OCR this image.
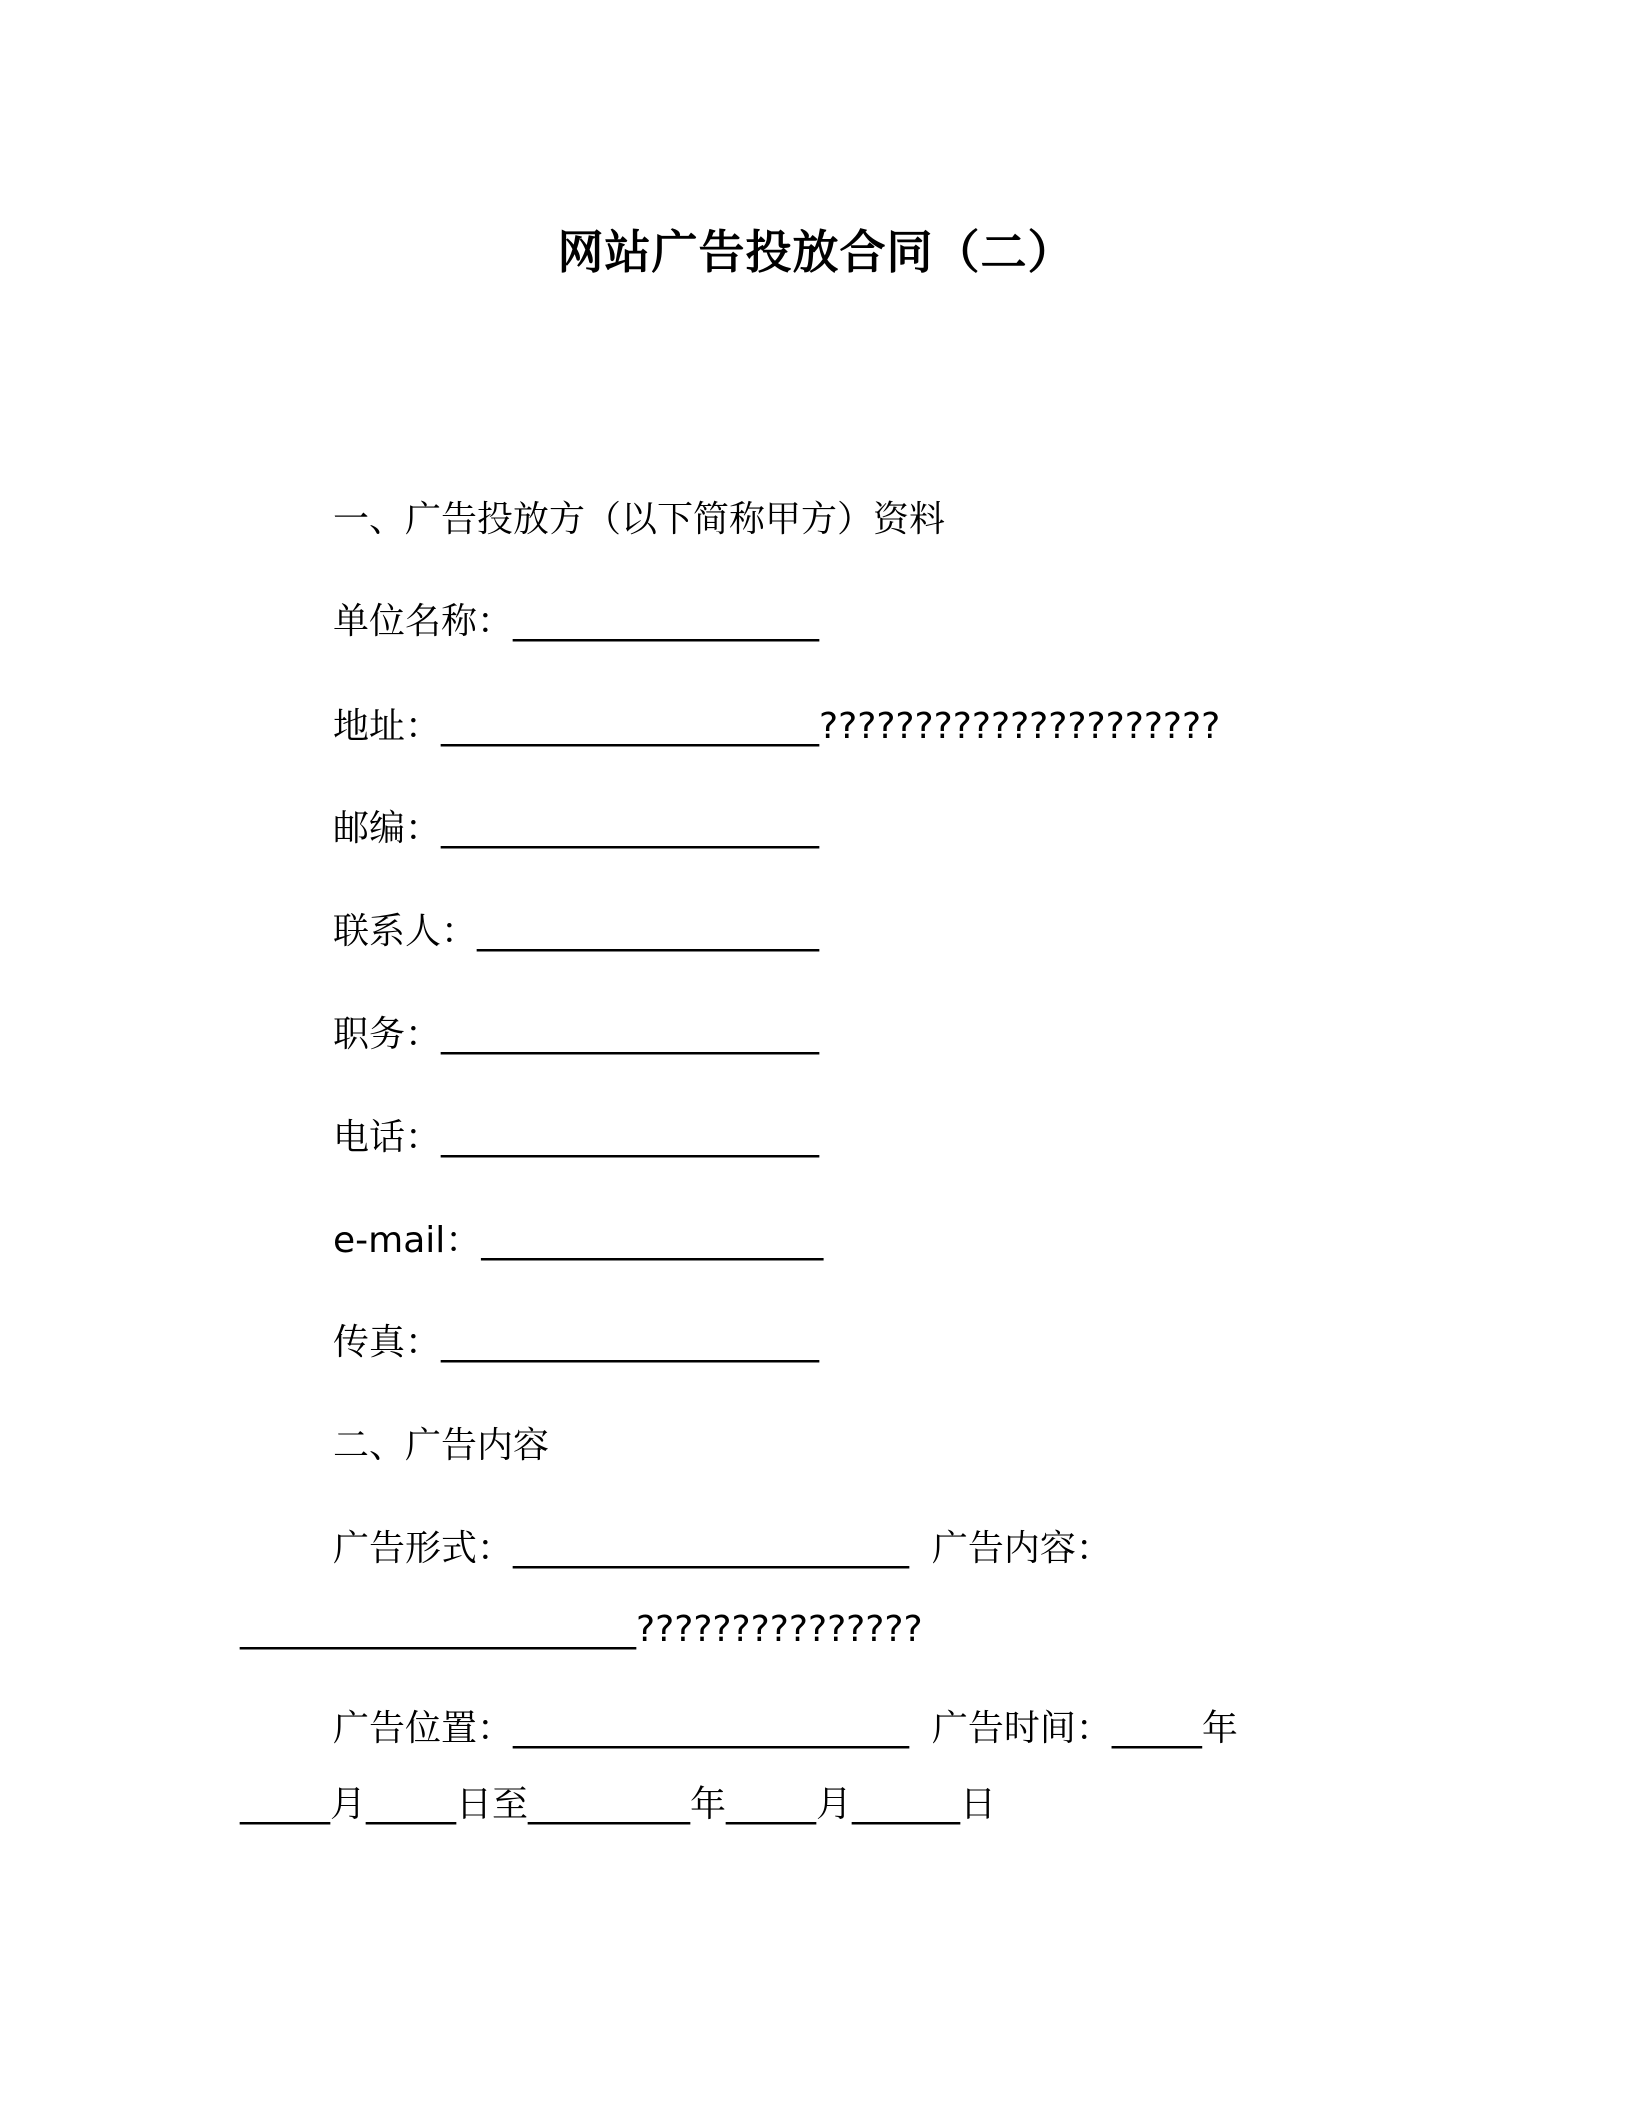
网站广告投放合同（二）
一、广告投放方（以下简称甲方）资料
单位名称：_________________
地址：_____________________?????????????????????
邮编：_____________________
联系人：___________________
职务：_____________________
电话：_____________________
e-mail：___________________
传真：_____________________
二、广告内容
广告形式：______________________  广告内容：
______________________???????????????
广告位置：______________________  广告时间：_____年
_____月_____日至_________年_____月______日
